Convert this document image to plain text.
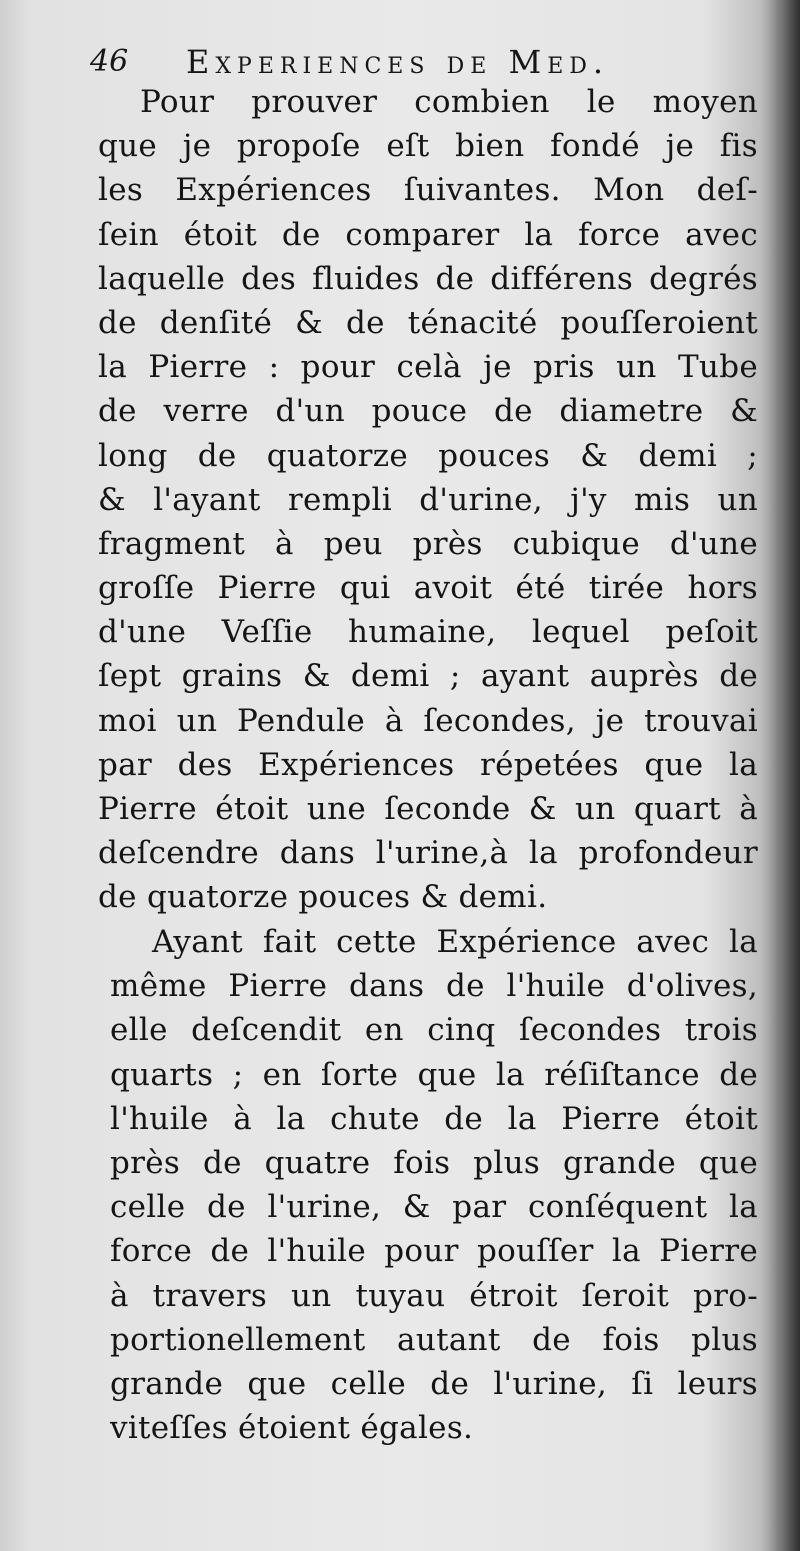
46 Experiences de Med.
Pour prouver combien le moyen
que je propoſe eſt bien fondé je fis
les Expériences ſuivantes. Mon deſ-
ſein étoit de comparer la force avec
laquelle des fluides de différens degrés
de denſité & de ténacité pouſſeroient
la Pierre : pour celà je pris un Tube
de verre d'un pouce de diametre &
long de quatorze pouces & demi ;
& l'ayant rempli d'urine, j'y mis un
fragment à peu près cubique d'une
groſſe Pierre qui avoit été tirée hors
d'une Veſſie humaine, lequel peſoit
ſept grains & demi ; ayant auprès de
moi un Pendule à ſecondes, je trouvai
par des Expériences répetées que la
Pierre étoit une ſeconde & un quart à
deſcendre dans l'urine,à la profondeur
de quatorze pouces & demi.
Ayant fait cette Expérience avec la
même Pierre dans de l'huile d'olives,
elle deſcendit en cinq ſecondes trois
quarts ; en ſorte que la réſiſtance de
l'huile à la chute de la Pierre étoit
près de quatre fois plus grande que
celle de l'urine, & par conſéquent la
force de l'huile pour pouſſer la Pierre
à travers un tuyau étroit ſeroit pro-
portionellement autant de fois plus
grande que celle de l'urine, ſi leurs
viteſſes étoient égales.
